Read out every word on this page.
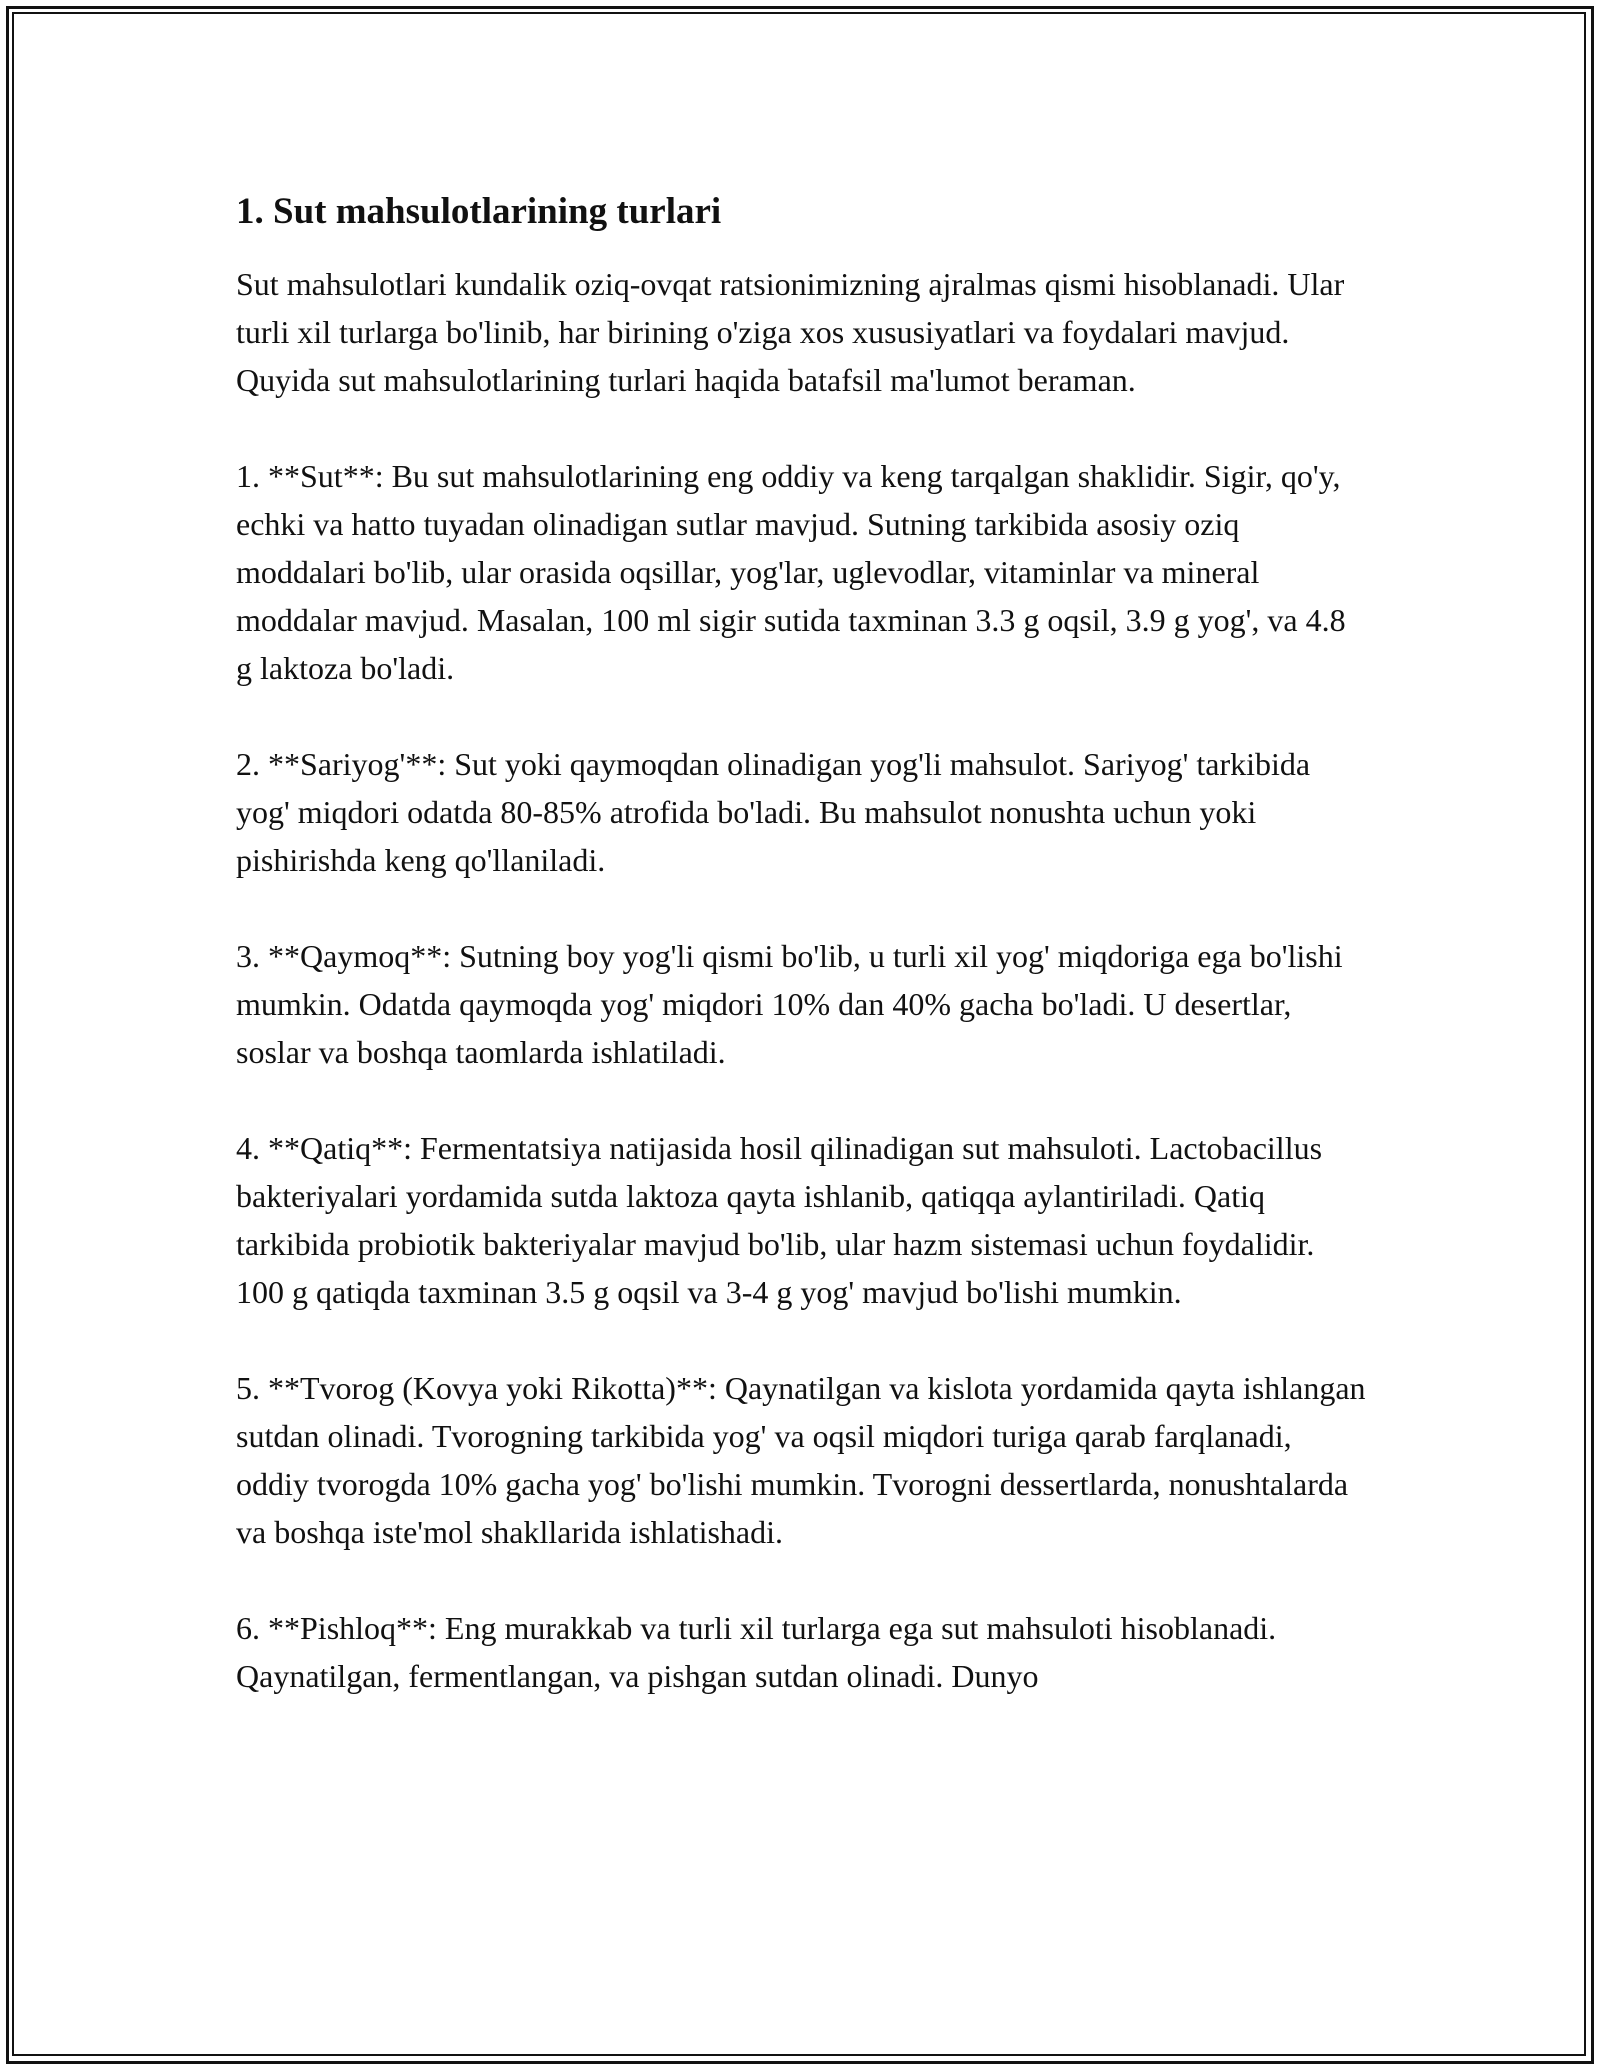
1. Sut mahsulotlarining turlari

Sut mahsulotlari kundalik oziq-ovqat ratsionimizning ajralmas qismi hisoblanadi. Ular turli xil turlarga bo'linib, har birining o'ziga xos xususiyatlari va foydalari mavjud. Quyida sut mahsulotlarining turlari haqida batafsil ma'lumot beraman.

1. **Sut**: Bu sut mahsulotlarining eng oddiy va keng tarqalgan shaklidir. Sigir, qo'y, echki va hatto tuyadan olinadigan sutlar mavjud. Sutning tarkibida asosiy oziq moddalari bo'lib, ular orasida oqsillar, yog'lar, uglevodlar, vitaminlar va mineral moddalar mavjud. Masalan, 100 ml sigir sutida taxminan 3.3 g oqsil, 3.9 g yog', va 4.8 g laktoza bo'ladi.

2. **Sariyog'**: Sut yoki qaymoqdan olinadigan yog'li mahsulot. Sariyog' tarkibida yog' miqdori odatda 80-85% atrofida bo'ladi. Bu mahsulot nonushta uchun yoki pishirishda keng qo'llaniladi.

3. **Qaymoq**: Sutning boy yog'li qismi bo'lib, u turli xil yog' miqdoriga ega bo'lishi mumkin. Odatda qaymoqda yog' miqdori 10% dan 40% gacha bo'ladi. U desertlar, soslar va boshqa taomlarda ishlatiladi.

4. **Qatiq**: Fermentatsiya natijasida hosil qilinadigan sut mahsuloti. Lactobacillus bakteriyalari yordamida sutda laktoza qayta ishlanib, qatiqqa aylantiriladi. Qatiq tarkibida probiotik bakteriyalar mavjud bo'lib, ular hazm sistemasi uchun foydalidir. 100 g qatiqda taxminan 3.5 g oqsil va 3-4 g yog' mavjud bo'lishi mumkin.

5. **Tvorog (Kovya yoki Rikotta)**: Qaynatilgan va kislota yordamida qayta ishlangan sutdan olinadi. Tvorogning tarkibida yog' va oqsil miqdori turiga qarab farqlanadi, oddiy tvorogda 10% gacha yog' bo'lishi mumkin. Tvorogni dessertlarda, nonushtalarda va boshqa iste'mol shakllarida ishlatishadi.

6. **Pishloq**: Eng murakkab va turli xil turlarga ega sut mahsuloti hisoblanadi. Qaynatilgan, fermentlangan, va pishgan sutdan olinadi. Dunyo
